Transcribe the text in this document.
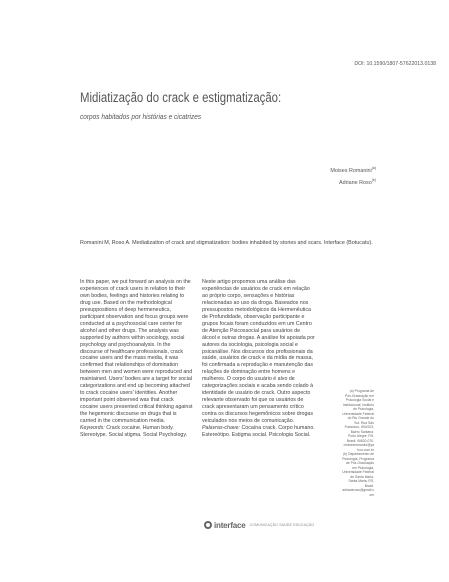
DOI: 10.1590/1807-57622013.0138
Midiatização do crack e estigmatização:
corpos habitados por histórias e cicatrizes
Moises Romanini$^{(a)}$
Adriane Roso$^{(b)}$
Romanini M, Roso A. Mediatization of crack and stigmatization: bodies inhabited by stories and scars. Interface (Botucatu).

In this paper, we put forward an analysis on the experiences of crack users in relation to their own bodies, feelings and histories relating to drug use. Based on the methodological presuppositions of deep hermeneutics, participant observation and focus groups were conducted at a psychosocial care center for alcohol and other drugs. The analysis was supported by authors within sociology, social psychology and psychoanalysis. In the discourse of healthcare professionals, crack cocaine users and the mass media, it was confirmed that relationships of domination between men and women were reproduced and maintained. Users' bodies are a target for social categorizations and end up becoming attached to crack cocaine users' identities. Another important point observed was that crack cocaine users presented critical thinking against the hegemonic discourse on drugs that is carried in the communication media.

Keywords: Crack cocaine. Human body. Stereotype. Social stigma. Social Psychology.

Neste artigo propomos uma análise das experiências de usuários de crack em relação ao próprio corpo, sensações e histórias relacionadas ao uso da droga. Baseados nos pressupostos metodológicos da Hermenêutica de Profundidade, observação participante e grupos focais foram conduzidos em um Centro de Atenção Psicossocial para usuários de álcool e outras drogas. A análise foi apoiada por autores da sociologia, psicologia social e psicanálise. Nos discursos dos profissionais da saúde, usuários de crack e da mídia de massa, foi confirmada a reprodução e manutenção das relações de dominação entre homens e mulheres. O corpo do usuário é alvo de categorizações sociais e acaba sendo colado à identidade de usuário de crack. Outro aspecto relevante observado foi que os usuários de crack apresentaram um pensamento crítico contra os discursos hegemônicos sobre drogas veiculados nos meios de comunicação.

Palavras-chave: Cocaína crack. Corpo humano. Estereótipo. Estigma social. Psicologia Social.

(a) Programa de Pós-Graduação em Psicologia Social e Institucional, Instituto de Psicologia, Universidade Federal do Rio Grande do Sul. Rua São Francisco, 894/203, Bairro Santana. Porto Alegre, RS, Brasil. 90620-070. moisesromanini@yahoo.com.br

(b) Departamento de Psicologia, Programa de Pós-Graduação em Psicologia, Universidade Federal de Santa Maria. Santa Maria, RS, Brasil. adrianeroso@gmail.com

interface COMUNICAÇÃO SAÚDE EDUCAÇÃO
